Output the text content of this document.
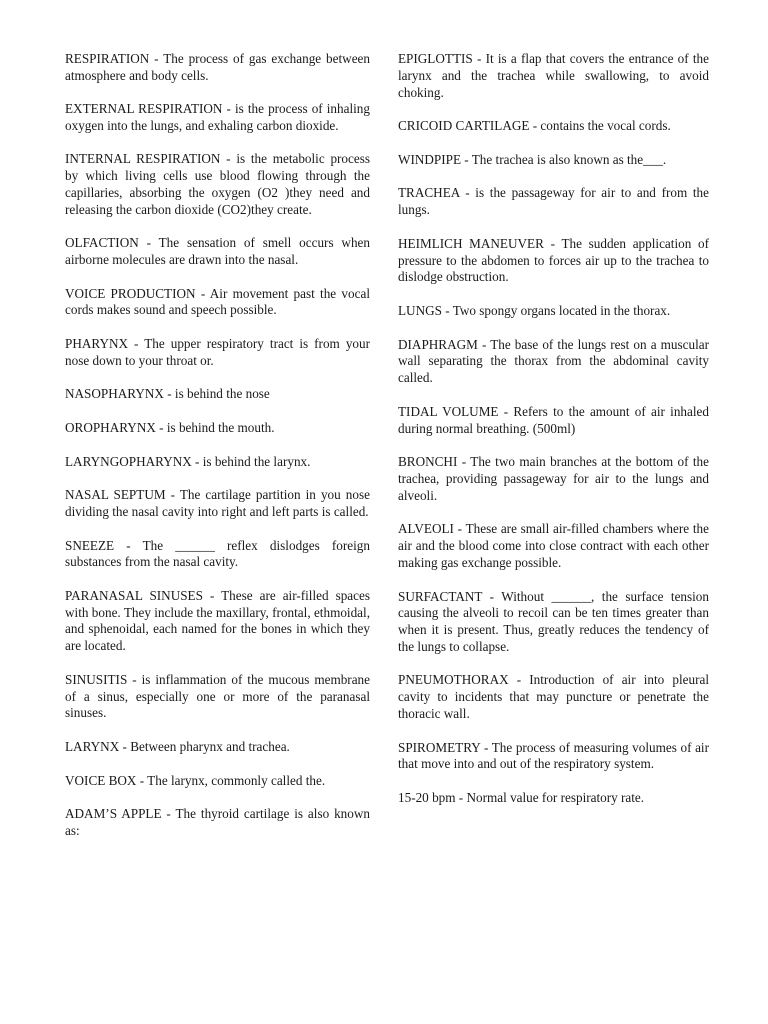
RESPIRATION - The process of gas exchange between atmosphere and body cells.

EXTERNAL RESPIRATION - is the process of inhaling oxygen into the lungs, and exhaling carbon dioxide.

INTERNAL RESPIRATION - is the metabolic process by which living cells use blood flowing through the capillaries, absorbing the oxygen (O2 )they need and releasing the carbon dioxide (CO2)they create.

OLFACTION - The sensation of smell occurs when airborne molecules are drawn into the nasal.

VOICE PRODUCTION - Air movement past the vocal cords makes sound and speech possible.

PHARYNX - The upper respiratory tract is from your nose down to your throat or.

NASOPHARYNX - is behind the nose

OROPHARYNX - is behind the mouth.

LARYNGOPHARYNX - is behind the larynx.

NASAL SEPTUM - The cartilage partition in you nose dividing the nasal cavity into right and left parts is called.

SNEEZE - The ______ reflex dislodges foreign substances from the nasal cavity.

PARANASAL SINUSES - These are air-filled spaces with bone. They include the maxillary, frontal, ethmoidal, and sphenoidal, each named for the bones in which they are located.

SINUSITIS - is inflammation of the mucous membrane of a sinus, especially one or more of the paranasal sinuses.

LARYNX - Between pharynx and trachea.

VOICE BOX - The larynx, commonly called the.

ADAM’S APPLE - The thyroid cartilage is also known as:

EPIGLOTTIS - It is a flap that covers the entrance of the larynx and the trachea while swallowing, to avoid choking.

CRICOID CARTILAGE - contains the vocal cords.

WINDPIPE - The trachea is also known as the___.

TRACHEA - is the passageway for air to and from the lungs.

HEIMLICH MANEUVER - The sudden application of pressure to the abdomen to forces air up to the trachea to dislodge obstruction.

LUNGS - Two spongy organs located in the thorax.

DIAPHRAGM - The base of the lungs rest on a muscular wall separating the thorax from the abdominal cavity called.

TIDAL VOLUME - Refers to the amount of air inhaled during normal breathing. (500ml)

BRONCHI - The two main branches at the bottom of the trachea, providing passageway for air to the lungs and alveoli.

ALVEOLI - These are small air-filled chambers where the air and the blood come into close contract with each other making gas exchange possible.

SURFACTANT - Without ______, the surface tension causing the alveoli to recoil can be ten times greater than when it is present. Thus, greatly reduces the tendency of the lungs to collapse.

PNEUMOTHORAX - Introduction of air into pleural cavity to incidents that may puncture or penetrate the thoracic wall.

SPIROMETRY - The process of measuring volumes of air that move into and out of the respiratory system.

15-20 bpm - Normal value for respiratory rate.
